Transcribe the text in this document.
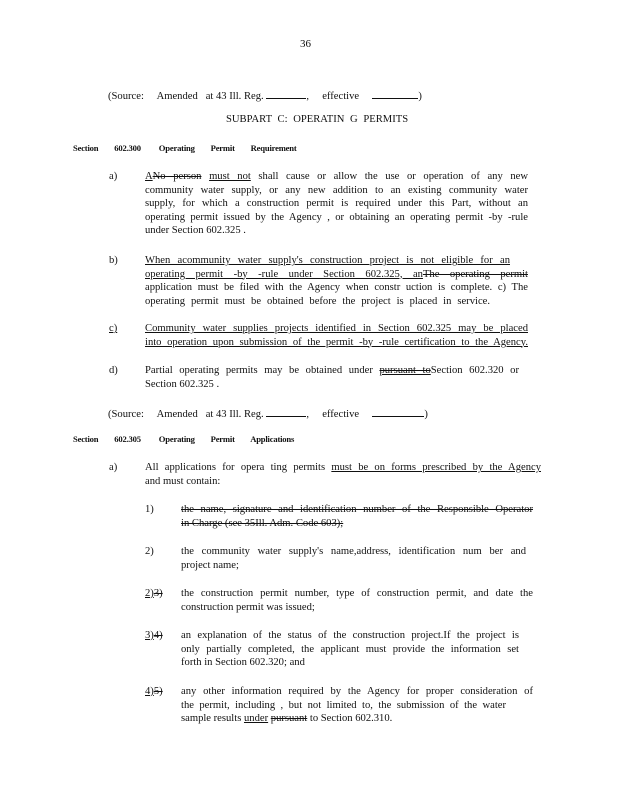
36
(Source: Amended at 43 Ill. Reg.	, effective	)
SUBPART C: OPERATIN G PERMITS
Section 602.300 Operating Permit Requirement
a)	ANo person must not shall cause or allow the use or operation of any new
community water supply, or any new addition to an existing community water
supply, for which a construction permit is required under this Part, without an
operating permit issued by the Agency , or obtaining an operating permit -by -rule
under Section 602.325 .
b)	When acommunity water supply's construction project is not eligible for an
operating permit -by -rule under Section 602.325, anThe operating permit
application must be filed with the Agency when constr uction is complete. c) The
operating permit must be obtained before the project is placed in service.
c)	Community water supplies projects identified in Section 602.325 may be placed
into operation upon submission of the permit -by -rule certification to the Agency.
d)	Partial operating permits may be obtained under pursuant toSection 602.320 or
Section 602.325 .
(Source: Amended at 43 Ill. Reg.	, effective	)
Section 602.305 Operating Permit Applications
a)	All applications for opera ting permits must be on forms prescribed by the Agency
and must contain:
1)	the name, signature and identification number of the Responsible Operator
in Charge (see 35Ill. Adm. Code 603);
2)	the community water supply's name,address, identification num ber and
project name;
2)3) the construction permit number, type of construction permit, and date the
construction permit was issued;
3)4) an explanation of the status of the construction project.If the project is
only partially completed, the applicant must provide the information set
forth in Section 602.320; and
4)5) any other information required by the Agency for proper consideration of
the permit, including , but not limited to, the submission of the water
sample results under pursuant to Section 602.310.
